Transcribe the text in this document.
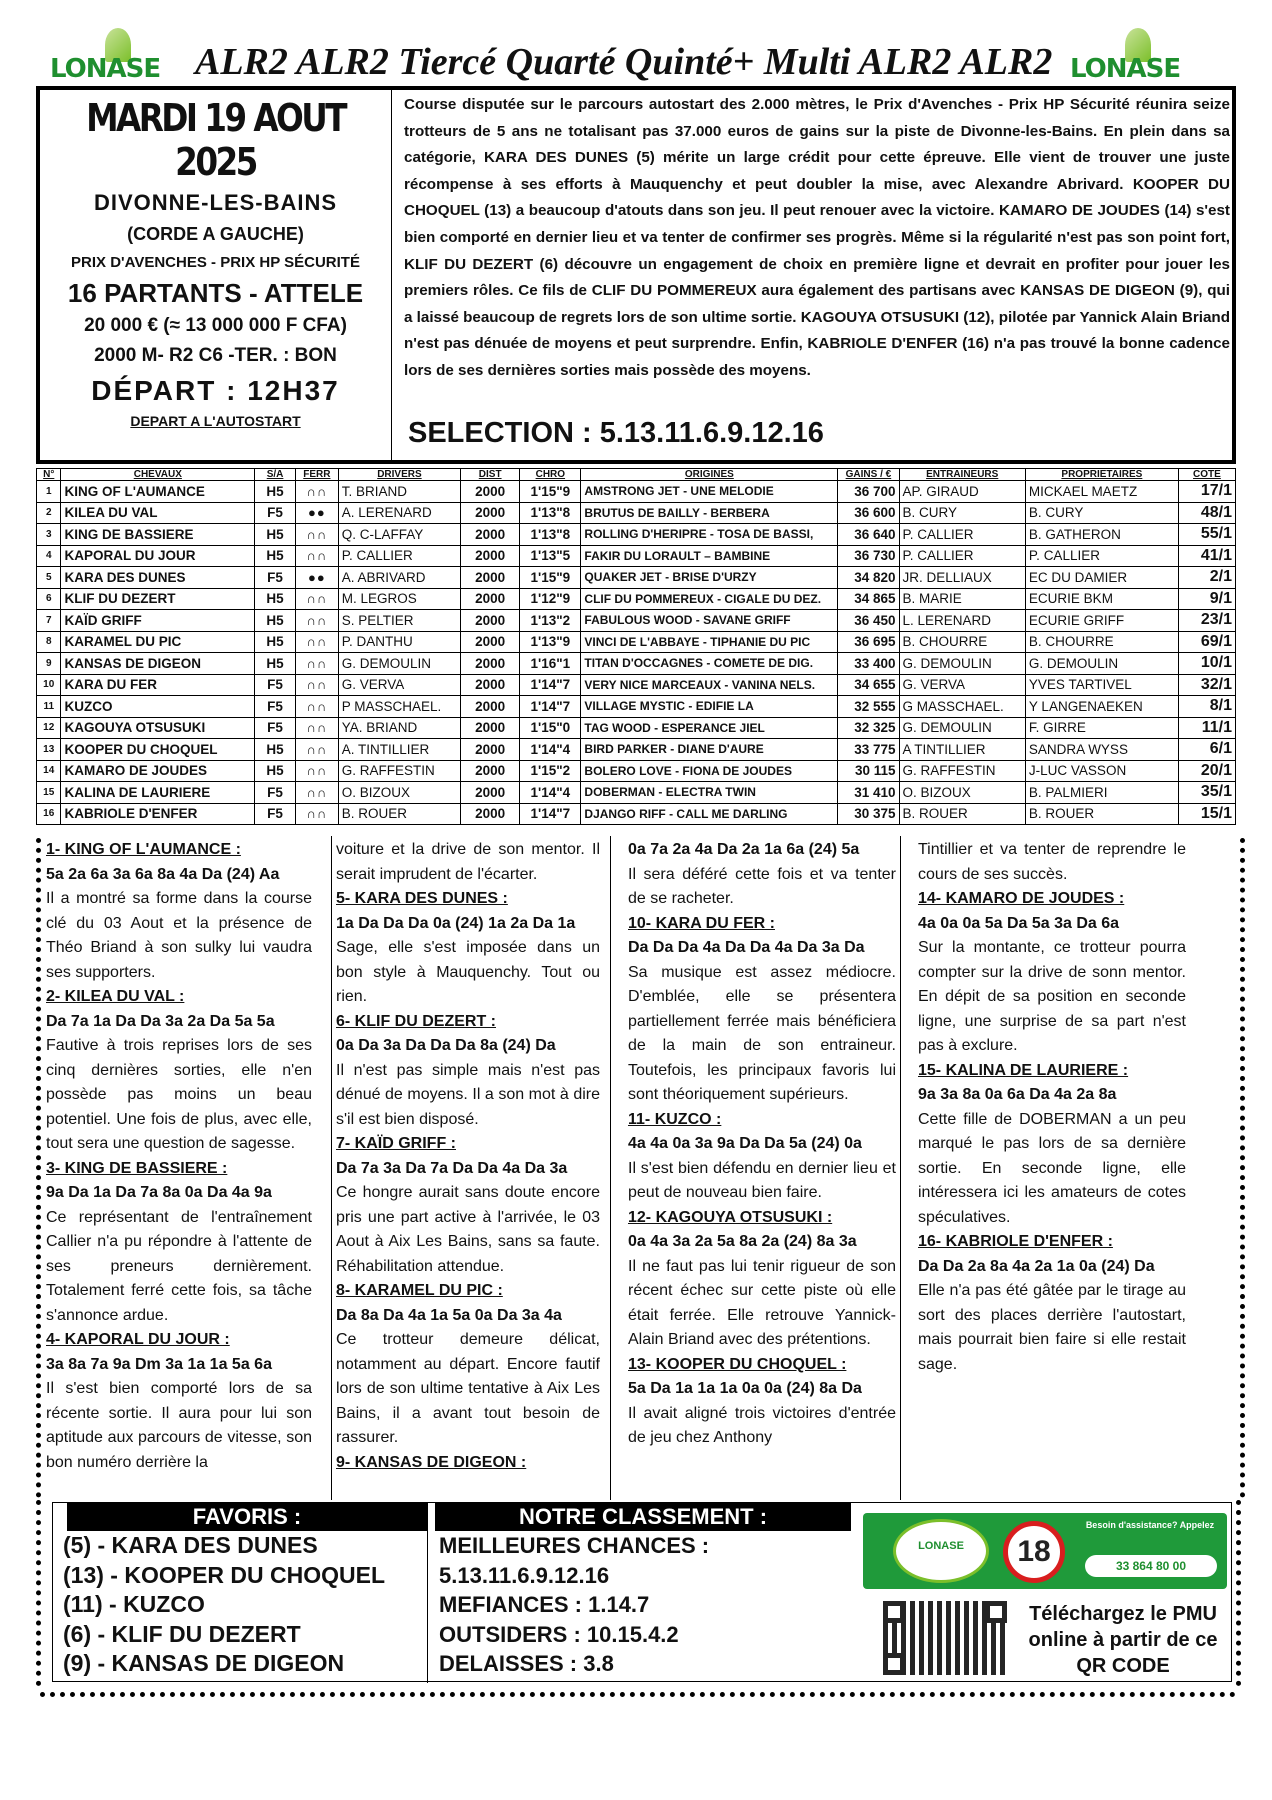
LONASE ALR2 ALR2 Tiercé Quarté Quinté+ Multi ALR2 ALR2 LONASE
MARDI 19 AOUT 2025
DIVONNE-LES-BAINS
(CORDE A GAUCHE)
PRIX D'AVENCHES - PRIX HP SÉCURITÉ
16 PARTANTS - ATTELE
20 000 € (≈ 13 000 000 F CFA)
2000 M- R2 C6 -TER. : BON
DÉPART : 12H37
DEPART A L'AUTOSTART
Course disputée sur le parcours autostart des 2.000 mètres, le Prix d'Avenches - Prix HP Sécurité réunira seize trotteurs de 5 ans ne totalisant pas 37.000 euros de gains sur la piste de Divonne-les-Bains. En plein dans sa catégorie, KARA DES DUNES (5) mérite un large crédit pour cette épreuve. Elle vient de trouver une juste récompense à ses efforts à Mauquenchy et peut doubler la mise, avec Alexandre Abrivard. KOOPER DU CHOQUEL (13) a beaucoup d'atouts dans son jeu. Il peut renouer avec la victoire. KAMARO DE JOUDES (14) s'est bien comporté en dernier lieu et va tenter de confirmer ses progrès. Même si la régularité n'est pas son point fort, KLIF DU DEZERT (6) découvre un engagement de choix en première ligne et devrait en profiter pour jouer les premiers rôles. Ce fils de CLIF DU POMMEREUX aura également des partisans avec KANSAS DE DIGEON (9), qui a laissé beaucoup de regrets lors de son ultime sortie. KAGOUYA OTSUSUKI (12), pilotée par Yannick Alain Briand n'est pas dénuée de moyens et peut surprendre. Enfin, KABRIOLE D'ENFER (16) n'a pas trouvé la bonne cadence lors de ses dernières sorties mais possède des moyens.
SELECTION : 5.13.11.6.9.12.16
N°	CHEVAUX	S/A	FERR	DRIVERS	DIST	CHRO	ORIGINES	GAINS / €	ENTRAINEURS	PROPRIETAIRES	COTE
1	KING OF L'AUMANCE	H5	∩∩	T. BRIAND	2000	1'15"9	AMSTRONG JET - UNE MELODIE	36 700	AP. GIRAUD	MICKAEL MAETZ	17/1
2	KILEA DU VAL	F5	●●	A. LERENARD	2000	1'13"8	BRUTUS DE BAILLY - BERBERA	36 600	B. CURY	B. CURY	48/1
3	KING DE BASSIERE	H5	∩∩	Q. C-LAFFAY	2000	1'13"8	ROLLING D'HERIPRE - TOSA DE BASSI,	36 640	P. CALLIER	B. GATHERON	55/1
4	KAPORAL DU JOUR	H5	∩∩	P. CALLIER	2000	1'13"5	FAKIR DU LORAULT – BAMBINE	36 730	P. CALLIER	P. CALLIER	41/1
5	KARA DES DUNES	F5	●●	A. ABRIVARD	2000	1'15"9	QUAKER JET - BRISE D'URZY	34 820	JR. DELLIAUX	EC DU DAMIER	2/1
6	KLIF DU DEZERT	H5	∩∩	M. LEGROS	2000	1'12"9	CLIF DU POMMEREUX - CIGALE DU DEZ.	34 865	B. MARIE	ECURIE BKM	9/1
7	KAÏD GRIFF	H5	∩∩	S. PELTIER	2000	1'13"2	FABULOUS WOOD - SAVANE GRIFF	36 450	L. LERENARD	ECURIE GRIFF	23/1
8	KARAMEL DU PIC	H5	∩∩	P. DANTHU	2000	1'13"9	VINCI DE L'ABBAYE - TIPHANIE DU PIC	36 695	B. CHOURRE	B. CHOURRE	69/1
9	KANSAS DE DIGEON	H5	∩∩	G. DEMOULIN	2000	1'16"1	TITAN D'OCCAGNES - COMETE DE DIG.	33 400	G. DEMOULIN	G. DEMOULIN	10/1
10	KARA DU FER	F5	∩∩	G. VERVA	2000	1'14"7	VERY NICE MARCEAUX - VANINA NELS.	34 655	G. VERVA	YVES TARTIVEL	32/1
11	KUZCO	F5	∩∩	P MASSCHAEL.	2000	1'14"7	VILLAGE MYSTIC - EDIFIE LA	32 555	G MASSCHAEL.	Y LANGENAEKEN	8/1
12	KAGOUYA OTSUSUKI	F5	∩∩	YA. BRIAND	2000	1'15"0	TAG WOOD - ESPERANCE JIEL	32 325	G. DEMOULIN	F. GIRRE	11/1
13	KOOPER DU CHOQUEL	H5	∩∩	A. TINTILLIER	2000	1'14"4	BIRD PARKER - DIANE D'AURE	33 775	A TINTILLIER	SANDRA WYSS	6/1
14	KAMARO DE JOUDES	H5	∩∩	G. RAFFESTIN	2000	1'15"2	BOLERO LOVE - FIONA DE JOUDES	30 115	G. RAFFESTIN	J-LUC VASSON	20/1
15	KALINA DE LAURIERE	F5	∩∩	O. BIZOUX	2000	1'14"4	DOBERMAN - ELECTRA TWIN	31 410	O. BIZOUX	B. PALMIERI	35/1
16	KABRIOLE D'ENFER	F5	∩∩	B. ROUER	2000	1'14"7	DJANGO RIFF - CALL ME DARLING	30 375	B. ROUER	B. ROUER	15/1
1- KING OF L'AUMANCE :
5a 2a 6a 3a 6a 8a 4a Da (24) Aa
Il a montré sa forme dans la course clé du 03 Aout et la présence de Théo Briand à son sulky lui vaudra ses supporters.
2- KILEA DU VAL :
Da 7a 1a Da Da 3a 2a Da 5a 5a
Fautive à trois reprises lors de ses cinq dernières sorties, elle n'en possède pas moins un beau potentiel. Une fois de plus, avec elle, tout sera une question de sagesse.
3- KING DE BASSIERE :
9a Da 1a Da 7a 8a 0a Da 4a 9a
Ce représentant de l'entraînement Callier n'a pu répondre à l'attente de ses preneurs dernièrement. Totalement ferré cette fois, sa tâche s'annonce ardue.
4- KAPORAL DU JOUR :
3a 8a 7a 9a Dm 3a 1a 1a 5a 6a
Il s'est bien comporté lors de sa récente sortie. Il aura pour lui son aptitude aux parcours de vitesse, son bon numéro derrière la
voiture et la drive de son mentor. Il serait imprudent de l'écarter.
5- KARA DES DUNES :
1a Da Da Da 0a (24) 1a 2a Da 1a
Sage, elle s'est imposée dans un bon style à Mauquenchy. Tout ou rien.
6- KLIF DU DEZERT :
0a Da 3a Da Da Da 8a (24) Da
Il n'est pas simple mais n'est pas dénué de moyens. Il a son mot à dire s'il est bien disposé.
7- KAÏD GRIFF :
Da 7a 3a Da 7a Da Da 4a Da 3a
Ce hongre aurait sans doute encore pris une part active à l'arrivée, le 03 Aout à Aix Les Bains, sans sa faute. Réhabilitation attendue.
8- KARAMEL DU PIC :
Da 8a Da 4a 1a 5a 0a Da 3a 4a
Ce trotteur demeure délicat, notamment au départ. Encore fautif lors de son ultime tentative à Aix Les Bains, il a avant tout besoin de rassurer.
9- KANSAS DE DIGEON :
0a 7a 2a 4a Da 2a 1a 6a (24) 5a
Il sera déféré cette fois et va tenter de se racheter.
10- KARA DU FER :
Da Da Da 4a Da Da 4a Da 3a Da
Sa musique est assez médiocre. D'emblée, elle se présentera partiellement ferrée mais bénéficiera de la main de son entraineur. Toutefois, les principaux favoris lui sont théoriquement supérieurs.
11- KUZCO :
4a 4a 0a 3a 9a Da Da 5a (24) 0a
Il s'est bien défendu en dernier lieu et peut de nouveau bien faire.
12- KAGOUYA OTSUSUKI :
0a 4a 3a 2a 5a 8a 2a (24) 8a 3a
Il ne faut pas lui tenir rigueur de son récent échec sur cette piste où elle était ferrée. Elle retrouve Yannick-Alain Briand avec des prétentions.
13- KOOPER DU CHOQUEL :
5a Da 1a 1a 1a 0a 0a (24) 8a Da
Il avait aligné trois victoires d'entrée de jeu chez Anthony
Tintillier et va tenter de reprendre le cours de ses succès.
14- KAMARO DE JOUDES :
4a 0a 0a 5a Da 5a 3a Da 6a
Sur la montante, ce trotteur pourra compter sur la drive de sonn mentor. En dépit de sa position en seconde ligne, une surprise de sa part n'est pas à exclure.
15- KALINA DE LAURIERE :
9a 3a 8a 0a 6a Da 4a 2a 8a
Cette fille de DOBERMAN a un peu marqué le pas lors de sa dernière sortie. En seconde ligne, elle intéressera ici les amateurs de cotes spéculatives.
16- KABRIOLE D'ENFER :
Da Da 2a 8a 4a 2a 1a 0a (24) Da
Elle n'a pas été gâtée par le tirage au sort des places derrière l'autostart, mais pourrait bien faire si elle restait sage.
FAVORIS :
(5) - KARA DES DUNES
(13) - KOOPER DU CHOQUEL
(11) - KUZCO
(6) - KLIF DU DEZERT
(9) - KANSAS DE DIGEON
NOTRE CLASSEMENT :
MEILLEURES CHANCES :
5.13.11.6.9.12.16
MEFIANCES : 1.14.7
OUTSIDERS : 10.15.4.2
DELAISSES : 3.8
LONASE	18
Besoin d'assistance? Appelez
33 864 80 00
Téléchargez le PMU online à partir de ce QR CODE
